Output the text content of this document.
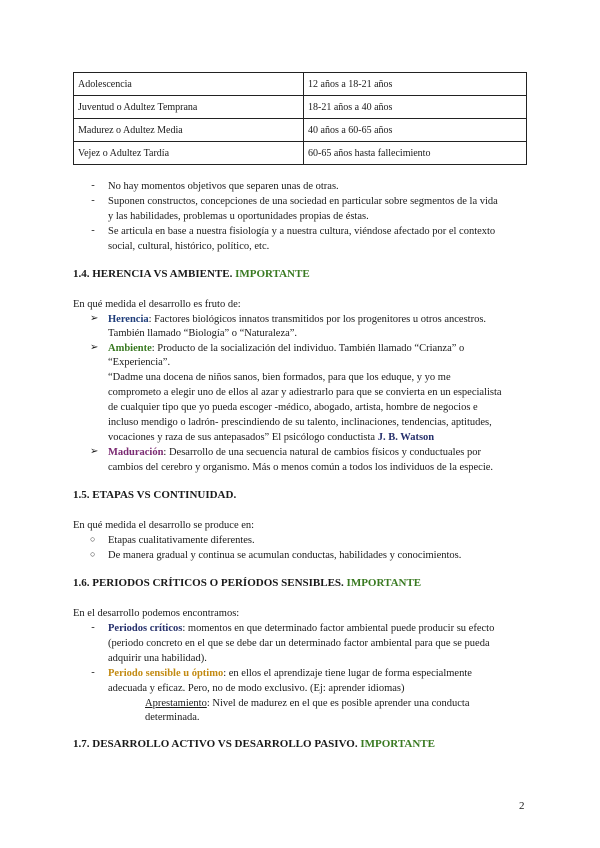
Adolescencia	12 años a 18-21 años
Juventud o Adultez Temprana	18-21 años a 40 años
Madurez o Adultez Media	40 años a 60-65 años
Vejez o Adultez Tardía	60-65 años hasta fallecimiento
-	No hay momentos objetivos que separen unas de otras.
-	Suponen constructos, concepciones de una sociedad en particular sobre segmentos de la vida
y las habilidades, problemas u oportunidades propias de éstas.
-	Se articula en base a nuestra fisiología y a nuestra cultura, viéndose afectado por el contexto
social, cultural, histórico, político, etc.
1.4. HERENCIA VS AMBIENTE. IMPORTANTE
En qué medida el desarrollo es fruto de:
➢ Herencia: Factores biológicos innatos transmitidos por los progenitores u otros ancestros.
También llamado “Biología” o “Naturaleza”.
➢ Ambiente: Producto de la socialización del individuo. También llamado “Crianza” o
“Experiencia”.
“Dadme una docena de niños sanos, bien formados, para que los eduque, y yo me
comprometo a elegir uno de ellos al azar y adiestrarlo para que se convierta en un especialista
de cualquier tipo que yo pueda escoger -médico, abogado, artista, hombre de negocios e
incluso mendigo o ladrón- prescindiendo de su talento, inclinaciones, tendencias, aptitudes,
vocaciones y raza de sus antepasados” El psicólogo conductista J. B. Watson
➢ Maduración: Desarrollo de una secuencia natural de cambios físicos y conductuales por
cambios del cerebro y organismo. Más o menos común a todos los individuos de la especie.
1.5. ETAPAS VS CONTINUIDAD.
En qué medida el desarrollo se produce en:
○ Etapas cualitativamente diferentes.
○ De manera gradual y continua se acumulan conductas, habilidades y conocimientos.
1.6. PERIODOS CRÍTICOS O PERÍODOS SENSIBLES. IMPORTANTE
En el desarrollo podemos encontramos:
-	Periodos críticos: momentos en que determinado factor ambiental puede producir su efecto
(periodo concreto en el que se debe dar un determinado factor ambiental para que se pueda
adquirir una habilidad).
-	Periodo sensible u óptimo: en ellos el aprendizaje tiene lugar de forma especialmente
adecuada y eficaz. Pero, no de modo exclusivo. (Ej: aprender idiomas)
Aprestamiento: Nivel de madurez en el que es posible aprender una conducta
determinada.
1.7. DESARROLLO ACTIVO VS DESARROLLO PASIVO. IMPORTANTE
2
